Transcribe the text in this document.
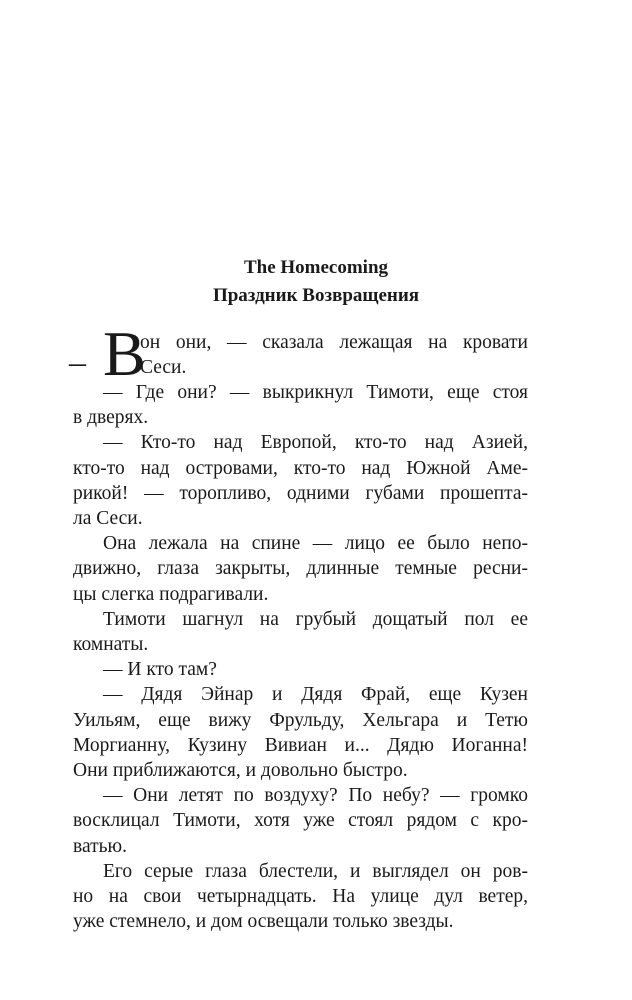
The Homecoming
Праздник Возвращения
– В
он они, — сказала лежащая на кровати
Сеси.
— Где они? — выкрикнул Тимоти, еще стоя
в дверях.
— Кто-то над Европой, кто-то над Азией,
кто-то над островами, кто-то над Южной Аме-
рикой! — торопливо, одними губами прошепта-
ла Сеси.
Она лежала на спине — лицо ее было непо-
движно, глаза закрыты, длинные темные ресни-
цы слегка подрагивали.
Тимоти шагнул на грубый дощатый пол ее
комнаты.
— И кто там?
— Дядя Эйнар и Дядя Фрай, еще Кузен
Уильям, еще вижу Фрульду, Хельгара и Тетю
Моргианну, Кузину Вивиан и... Дядю Иоганна!
Они приближаются, и довольно быстро.
— Они летят по воздуху? По небу? — громко
восклицал Тимоти, хотя уже стоял рядом с кро-
ватью.
Его серые глаза блестели, и выглядел он ров-
но на свои четырнадцать. На улице дул ветер,
уже стемнело, и дом освещали только звезды.
